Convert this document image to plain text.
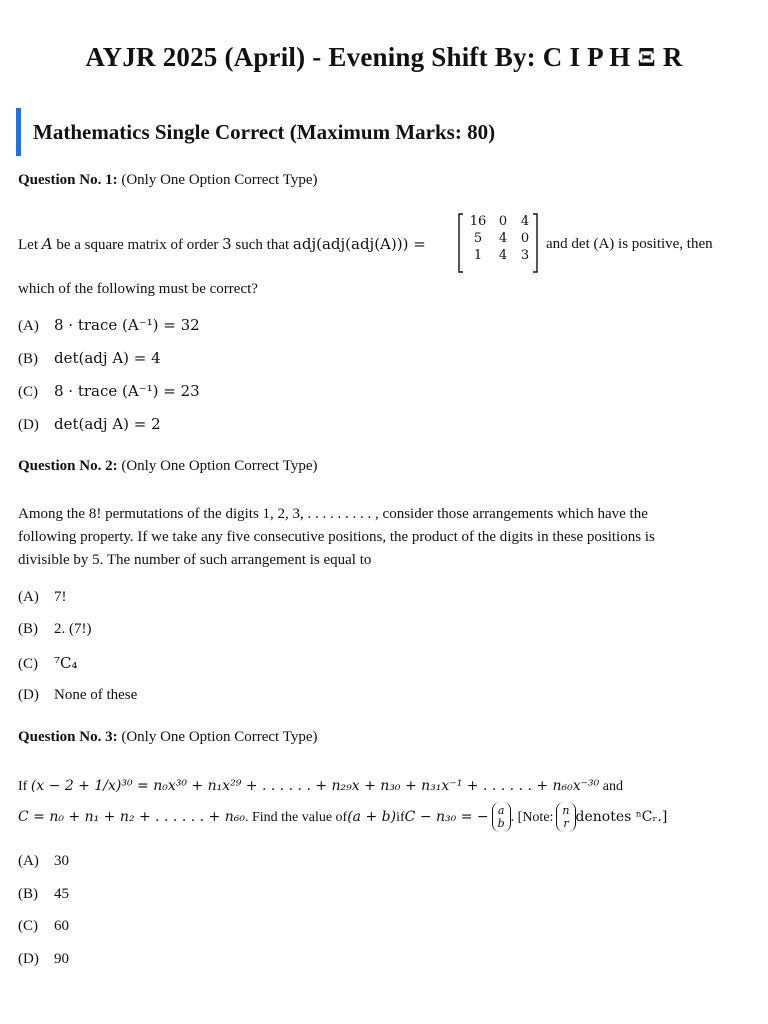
AYJR 2025 (April) - Evening Shift By: C I P H Ξ R
Mathematics Single Correct (Maximum Marks: 80)
Question No. 1: (Only One Option Correct Type)
Let A be a square matrix of order 3 such that adj(adj(adj(A))) =
16 0	4
5	4	0
1	4	3
and det (A) is positive, then
which of the following must be correct?
(A) 8 · trace (A⁻¹) = 32
(B) det(adj A) = 4
(C) 8 · trace (A⁻¹) = 23
(D) det(adj A) = 2
Question No. 2: (Only One Option Correct Type)
Among the 8! permutations of the digits 1, 2, 3, . . . . . . . . . , consider those arrangements which have the
following property. If we take any five consecutive positions, the product of the digits in these positions is
divisible by 5. The number of such arrangement is equal to
(A) 7!
(B) 2. (7!)
(C) ⁷C₄
(D) None of these
Question No. 3: (Only One Option Correct Type)
If (x − 2 + 1/x)³⁰ = n₀x³⁰ + n₁x²⁹ + . . . . . . + n₂₉x + n₃₀ + n₃₁x⁻¹ + . . . . . . + n₆₀x⁻³⁰ and
C = n₀ + n₁ + n₂ + . . . . . . + n₆₀ . Find the value of (a + b) if C − n₃₀ = − a
b . [Note: n
r denotes ⁿCᵣ.]
(A) 30
(B) 45
(C) 60
(D) 90
